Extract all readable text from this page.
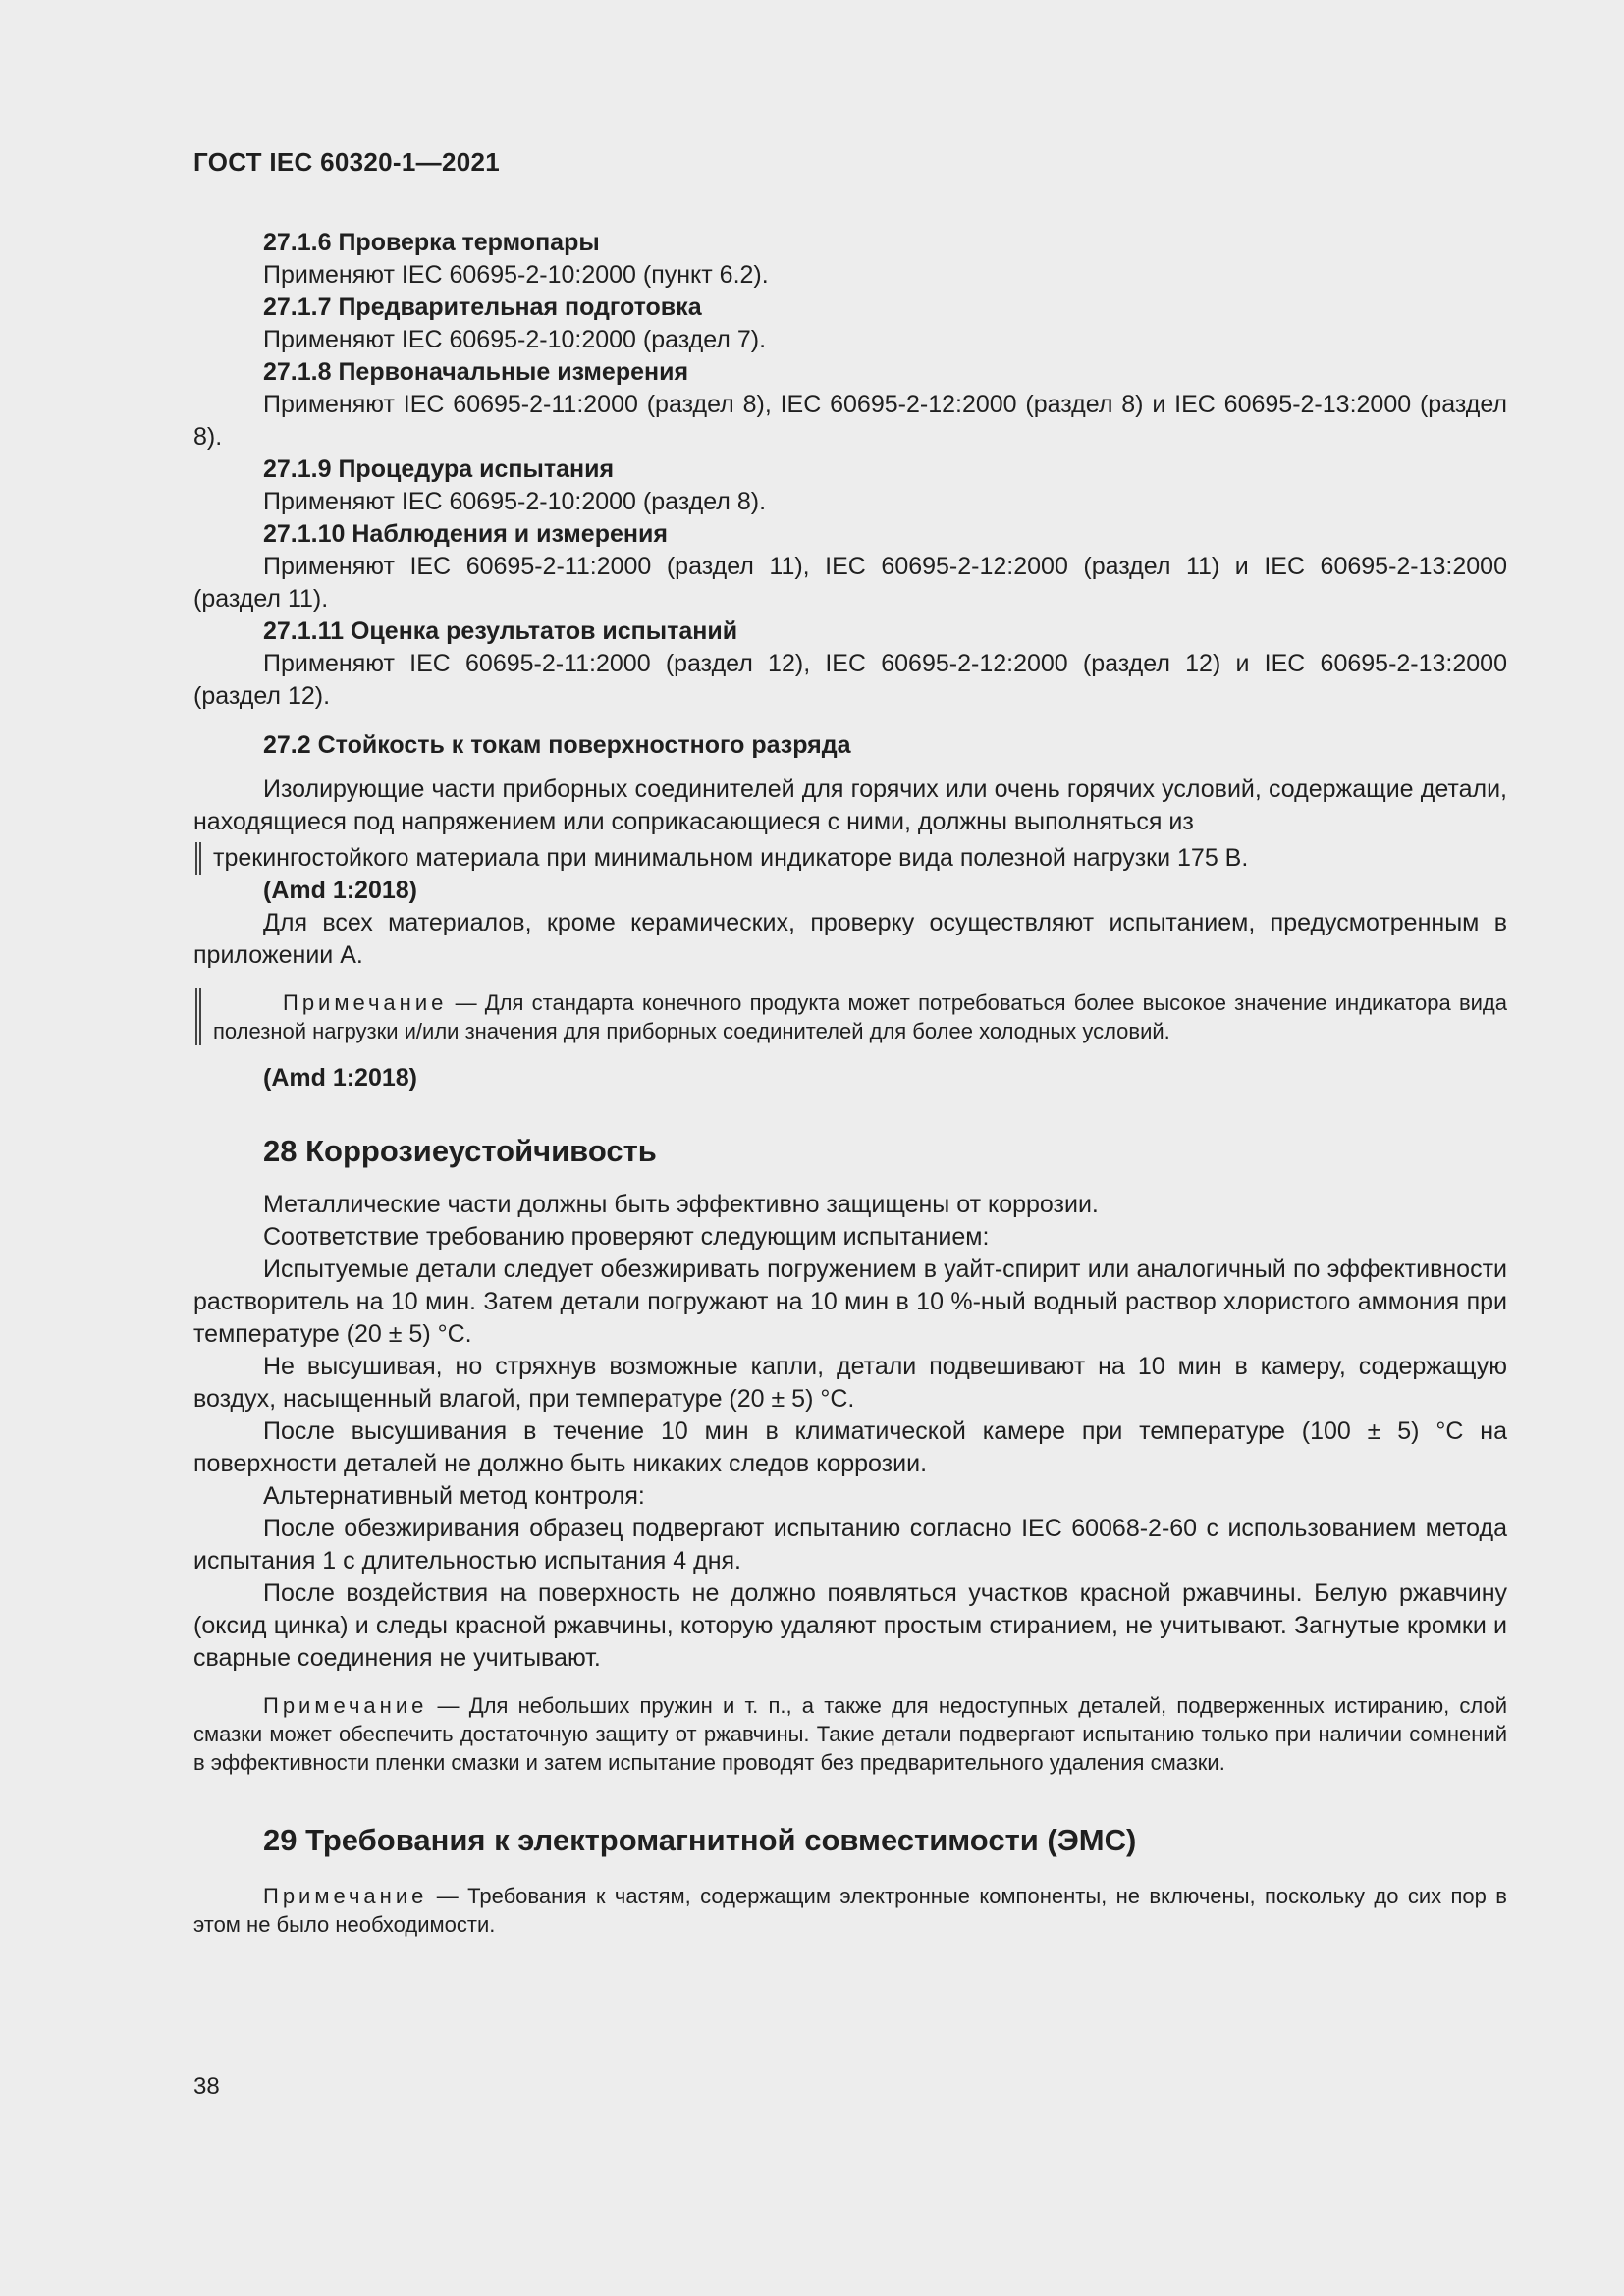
ГОСТ IEC 60320-1—2021

27.1.6 Проверка термопары

Применяют IEC 60695-2-10:2000 (пункт 6.2).

27.1.7 Предварительная подготовка

Применяют IEC 60695-2-10:2000 (раздел 7).

27.1.8 Первоначальные измерения

Применяют IEC 60695-2-11:2000 (раздел 8), IEC 60695-2-12:2000 (раздел 8) и IEC 60695-2-13:2000 (раздел 8).

27.1.9 Процедура испытания

Применяют IEC 60695-2-10:2000 (раздел 8).

27.1.10 Наблюдения и измерения

Применяют IEC 60695-2-11:2000 (раздел 11), IEC 60695-2-12:2000 (раздел 11) и IEC 60695-2-13:2000 (раздел 11).

27.1.11 Оценка результатов испытаний

Применяют IEC 60695-2-11:2000 (раздел 12), IEC 60695-2-12:2000 (раздел 12) и IEC 60695-2-13:2000 (раздел 12).

27.2 Стойкость к токам поверхностного разряда

Изолирующие части приборных соединителей для горячих или очень горячих условий, содержащие детали, находящиеся под напряжением или соприкасающиеся с ними, должны выполняться из

трекингостойкого материала при минимальном индикаторе вида полезной нагрузки 175 В.

(Amd 1:2018)

Для всех материалов, кроме керамических, проверку осуществляют испытанием, предусмотренным в приложении А.

Примечание — Для стандарта конечного продукта может потребоваться более высокое значение индикатора вида полезной нагрузки и/или значения для приборных соединителей для более холодных условий.

(Amd 1:2018)

28 Коррозиеустойчивость

Металлические части должны быть эффективно защищены от коррозии.

Соответствие требованию проверяют следующим испытанием:

Испытуемые детали следует обезжиривать погружением в уайт-спирит или аналогичный по эффективности растворитель на 10 мин. Затем детали погружают на 10 мин в 10 %-ный водный раствор хлористого аммония при температуре (20 ± 5) °С.

Не высушивая, но стряхнув возможные капли, детали подвешивают на 10 мин в камеру, содержащую воздух, насыщенный влагой, при температуре (20 ± 5) °С.

После высушивания в течение 10 мин в климатической камере при температуре (100 ± 5) °С на поверхности деталей не должно быть никаких следов коррозии.

Альтернативный метод контроля:

После обезжиривания образец подвергают испытанию согласно IEC 60068-2-60 с использованием метода испытания 1 с длительностью испытания 4 дня.

После воздействия на поверхность не должно появляться участков красной ржавчины. Белую ржавчину (оксид цинка) и следы красной ржавчины, которую удаляют простым стиранием, не учитывают. Загнутые кромки и сварные соединения не учитывают.

Примечание — Для небольших пружин и т. п., а также для недоступных деталей, подверженных истиранию, слой смазки может обеспечить достаточную защиту от ржавчины. Такие детали подвергают испытанию только при наличии сомнений в эффективности пленки смазки и затем испытание проводят без предварительного удаления смазки.

29 Требования к электромагнитной совместимости (ЭМС)

Примечание — Требования к частям, содержащим электронные компоненты, не включены, поскольку до сих пор в этом не было необходимости.

38
